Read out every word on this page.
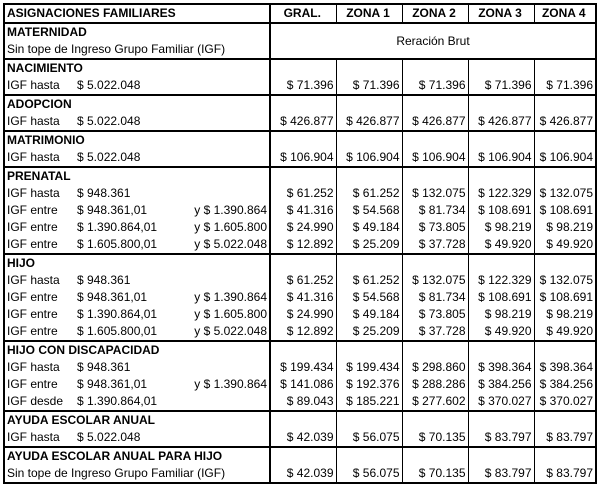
ASIGNACIONES FAMILIARES	GRAL.	ZONA 1	ZONA 2	ZONA 3	ZONA 4
MATERNIDAD	Reración Brut				
Sin tope de Ingreso Grupo Familiar (IGF)					
NACIMIENTO					

IGF hasta $ 5.022.048	$ 71.396	$ 71.396	$ 71.396	$ 71.396	$ 71.396
ADOPCION					

IGF hasta $ 5.022.048	$ 426.877	$ 426.877	$ 426.877	$ 426.877	$ 426.877
MATRIMONIO					

IGF hasta $ 5.022.048	$ 106.904	$ 106.904	$ 106.904	$ 106.904	$ 106.904
PRENATAL					

IGF hasta $ 948.361	$ 61.252	$ 61.252	$ 132.075	$ 122.329	$ 132.075

IGF entre $ 948.361,01 y $ 1.390.864	$ 41.316	$ 54.568	$ 81.734	$ 108.691	$ 108.691

IGF entre $ 1.390.864,01 y $ 1.605.800	$ 24.990	$ 49.184	$ 73.805	$ 98.219	$ 98.219

IGF entre $ 1.605.800,01 y $ 5.022.048	$ 12.892	$ 25.209	$ 37.728	$ 49.920	$ 49.920
HIJO					

IGF hasta $ 948.361	$ 61.252	$ 61.252	$ 132.075	$ 122.329	$ 132.075

IGF entre $ 948.361,01 y $ 1.390.864	$ 41.316	$ 54.568	$ 81.734	$ 108.691	$ 108.691

IGF entre $ 1.390.864,01 y $ 1.605.800	$ 24.990	$ 49.184	$ 73.805	$ 98.219	$ 98.219

IGF entre $ 1.605.800,01 y $ 5.022.048	$ 12.892	$ 25.209	$ 37.728	$ 49.920	$ 49.920
HIJO CON DISCAPACIDAD					

IGF hasta $ 948.361	$ 199.434	$ 199.434	$ 298.860	$ 398.364	$ 398.364

IGF entre $ 948.361,01 y $ 1.390.864	$ 141.086	$ 192.376	$ 288.286	$ 384.256	$ 384.256

IGF desde $ 1.390.864,01	$ 89.043	$ 185.221	$ 277.602	$ 370.027	$ 370.027
AYUDA ESCOLAR ANUAL					

IGF hasta $ 5.022.048	$ 42.039	$ 56.075	$ 70.135	$ 83.797	$ 83.797
AYUDA ESCOLAR ANUAL PARA HIJO					
Sin tope de Ingreso Grupo Familiar (IGF)	$ 42.039	$ 56.075	$ 70.135	$ 83.797	$ 83.797
